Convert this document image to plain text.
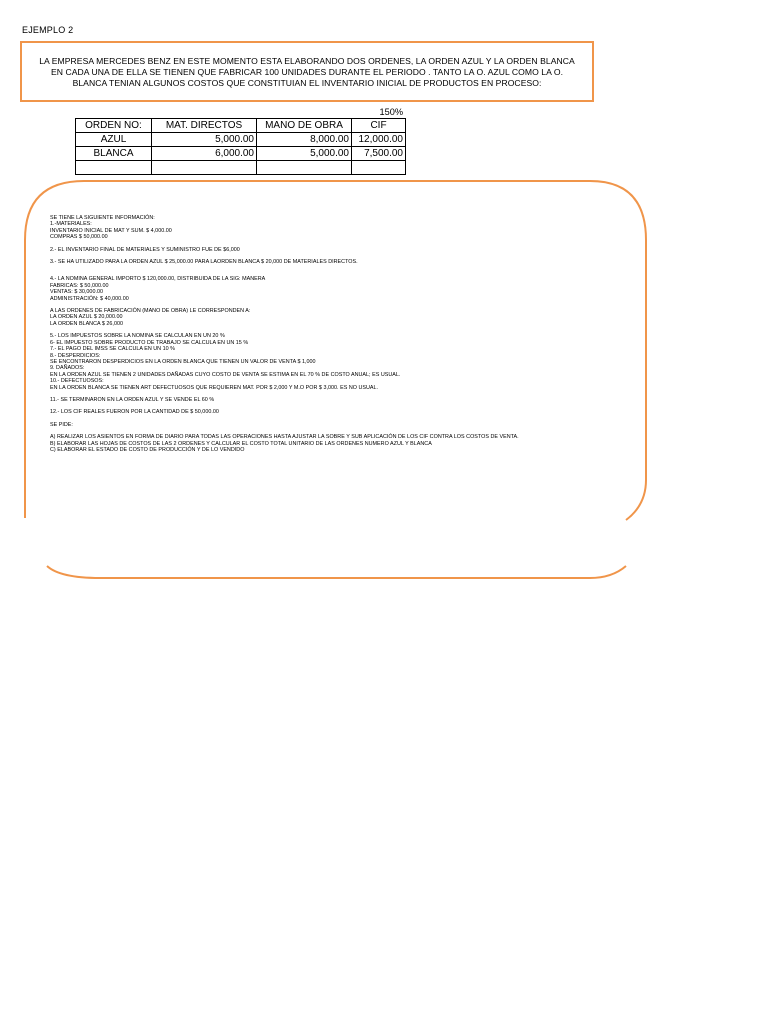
EJEMPLO 2
LA EMPRESA MERCEDES BENZ EN ESTE MOMENTO ESTA ELABORANDO DOS ORDENES, LA ORDEN AZUL Y LA ORDEN BLANCA EN CADA UNA DE ELLA SE TIENEN QUE FABRICAR 100 UNIDADES DURANTE EL PERIODO . TANTO LA O. AZUL COMO LA O. BLANCA TENIAN ALGUNOS COSTOS QUE CONSTITUIAN EL INVENTARIO INICIAL DE PRODUCTOS EN PROCESO:
150%
ORDEN NO:	MAT. DIRECTOS	MANO DE OBRA	CIF
AZUL	5,000.00	8,000.00	12,000.00
BLANCA	6,000.00	5,000.00	7,500.00

SE TIENE LA SIGUIENTE INFORMACIÓN:
1.-MATERIALES:
INVENTARIO INICIAL DE MAT Y SUM. $ 4,000.00
COMPRAS $ 50,000.00
2.- EL INVENTARIO FINAL DE MATERIALES Y SUMINISTRO FUE DE $6,000
3.- SE HA UTILIZADO PARA LA ORDEN AZUL $ 25,000.00 PARA LAORDEN BLANCA $ 20,000 DE MATERIALES DIRECTOS.
4.- LA NOMINA GENERAL IMPORTO $ 120,000.00, DISTRIBUIDA DE LA SIG: MANERA
FABRICAS: $ 50,000.00
VENTAS: $ 30,000.00
ADMINISTRACIÓN: $ 40,000.00
A LAS ORDENES DE FABRICACIÓN (MANO DE OBRA) LE CORRESPONDEN A:
LA ORDEN AZUL $ 20,000.00
LA ORDEN BLANCA $ 26,000
5.- LOS IMPUESTOS SOBRE LA NOMINA SE CALCULAN EN UN 20 %
6- EL IMPUESTO SOBRE PRODUCTO DE TRABAJO SE CALCULA EN UN 15 %
7.- EL PAGO DEL IMSS SE CALCULA EN UN 10 %
8.- DESPERDICIOS:
SE ENCONTRARON DESPERDICIOS EN LA ORDEN BLANCA QUE TIENEN UN VALOR DE VENTA $ 1,000
9. DAÑADOS:
EN LA ORDEN AZUL SE TIENEN 2 UNIDADES DAÑADAS CUYO COSTO DE VENTA SE ESTIMA EN EL 70 % DE COSTO ANUAL; ES USUAL.
10.- DEFECTUOSOS:
EN LA ORDEN BLANCA SE TIENEN ART DEFECTUOSOS QUE REQUIEREN MAT. POR $ 2,000 Y M.O POR $ 3,000. ES NO USUAL.
11.- SE TERMINARON EN LA ORDEN AZUL Y SE VENDE EL 60 %
12.- LOS CIF REALES FUERON POR LA CANTIDAD DE $ 50,000.00
SE PIDE:
A) REALIZAR LOS ASIENTOS EN FORMA DE DIARIO PARA TODAS LAS OPERACIONES HASTA AJUSTAR LA SOBRE Y SUB APLICACIÓN DE LOS CIF CONTRA LOS COSTOS DE VENTA.
B) ELABORAR LAS HOJAS DE COSTOS DE LAS 2 ORDENES Y CALCULAR EL COSTO TOTAL UNITARIO DE LAS ORDENES NUMERO AZUL Y BLANCA
C) ELABORAR EL ESTADO DE COSTO DE PRODUCCIÓN Y DE LO VENDIDO
